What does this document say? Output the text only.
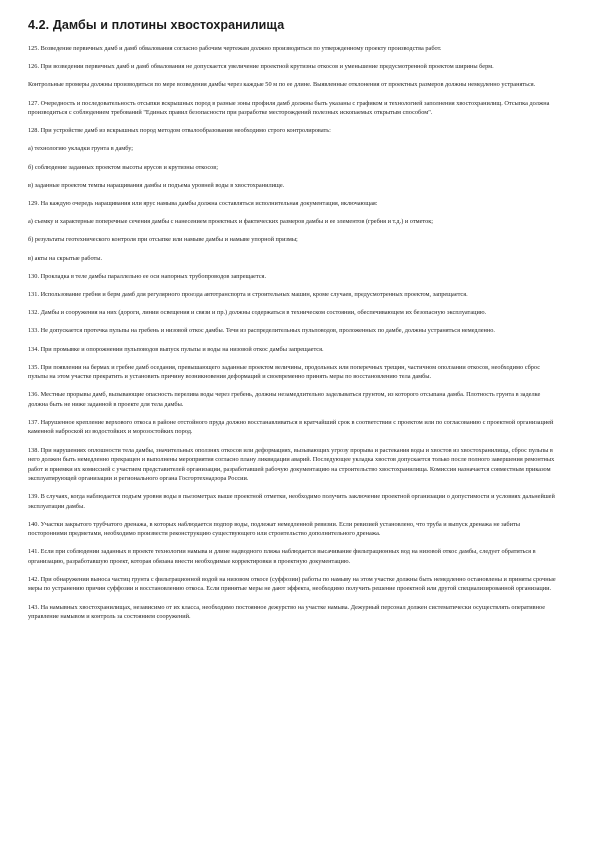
4.2. Дамбы и плотины хвостохранилища

125. Возведение первичных дамб и дамб обвалования согласно рабочим чертежам должно производиться по утвержденному проекту производства работ.

126. При возведении первичных дамб и дамб обвалования не допускается увеличение проектной крутизны откосов и уменьшение предусмотренной проектом ширины берм.

Контрольные промеры должны производиться по мере возведения дамбы через каждые 50 м по ее длине. Выявленные отклонения от проектных размеров должны немедленно устраняться.

127. Очередность и последовательность отсыпки вскрышных пород в разные зоны профиля дамб должны быть указаны с графиком и технологией заполнения хвостохранилищ. Отсыпка должна производиться с соблюдением требований "Единых правил безопасности при разработке месторождений полезных ископаемых открытым способом".

128. При устройстве дамб из вскрышных пород методом отвалообразования необходимо строго контролировать:

а) технологию укладки грунта в дамбу;

б) соблюдение заданных проектом высоты ярусов и крутизны откосов;

в) заданные проектом темпы наращивания дамбы и подъема уровней воды в хвостохранилище.

129. На каждую очередь наращивания или ярус намыва дамбы должна составляться исполнительная документация, включающая:

а) съемку и характерные поперечные сечения дамбы с нанесением проектных и фактических размеров дамбы и ее элементов (гребня и т.д.) и отметок;

б) результаты геотехнического контроля при отсыпке или намыве дамбы и намыве упорной призмы;

в) акты на скрытые работы.

130. Прокладка в теле дамбы параллельно ее оси напорных трубопроводов запрещается.

131. Использование гребня и берм дамб для регулярного проезда автотранспорта и строительных машин, кроме случаев, предусмотренных проектом, запрещается.

132. Дамбы и сооружения на них (дороги, линии освещения и связи и пр.) должны содержаться в техническом состоянии, обеспечивающем их безопасную эксплуатацию.

133. Не допускается протечка пульпы на гребень и низовой откос дамбы. Течи из распределительных пульповодов, проложенных по дамбе, должны устраняться немедленно.

134. При промывке и опорожнении пульповодов выпуск пульпы и воды на низовой откос дамбы запрещается.

135. При появлении на бермах и гребне дамб оседания, превышающего заданные проектом величины, продольных или поперечных трещин, частичном оползании откосов, необходимо сброс пульпы на этом участке прекратить и установить причину возникновения деформаций и своевременно принять меры по восстановлению тела дамбы.

136. Местные прорывы дамб, вызывающие опасность перелива воды через гребень, должны незамедлительно заделываться грунтом, из которого отсыпана дамба. Плотность грунта в заделке должна быть не ниже заданной в проекте для тела дамбы.

137. Нарушенное крепление верхового откоса в районе отстойного пруда должно восстанавливаться в кратчайший срок в соответствии с проектом или по согласованию с проектной организацией каменной наброской из водостойких и морозостойких пород.

138. При нарушениях оплошности тела дамбы, значительных оползнях откосов или деформациях, вызывающих угрозу прорыва и растекания воды и хвостов из хвостохранилища, сброс пульпы в него должен быть немедленно прекращен и выполнены мероприятия согласно плану ликвидации аварий. Последующее укладка хвостов допускается только после полного завершения ремонтных работ и приемки их комиссией с участием представителей организации, разработавшей рабочую документацию на строительство хвостохранилища. Комиссия назначается совместным приказом эксплуатирующей организации и регионального органа Госгортехнадзора России.

139. В случаях, когда наблюдается подъем уровня воды в пьезометрах выше проектной отметки, необходимо получить заключение проектной организации о допустимости и условиях дальнейшей эксплуатации дамбы.

140. Участки закрытого трубчатого дренажа, в которых наблюдается подпор воды, подлежат немедленной ревизии. Если ревизией установлено, что труба и выпуск дренажа не забиты посторонними предметами, необходимо произвести реконструкцию существующего или строительство дополнительного дренажа.

141. Если при соблюдении заданных в проекте технологии намыва и длине надводного пляжа наблюдается высачивание фильтрационных вод на низовой откос дамбы, следует обратиться в организацию, разработавшую проект, которая обязана внести необходимые корректировки в проектную документацию.

142. При обнаружении выноса частиц грунта с фильтрационной водой на низовом откосе (суффозии) работы по намыву на этом участке должны быть немедленно остановлены и приняты срочные меры по устранению причин суффозии и восстановлению откоса. Если принятые меры не дают эффекта, необходимо получить решение проектной или другой специализированной организации.

143. На намывных хвостохранилищах, независимо от их класса, необходимо постоянное дежурство на участке намыва. Дежурный персонал должен систематически осуществлять оперативное управление намывом и контроль за состоянием сооружений.
